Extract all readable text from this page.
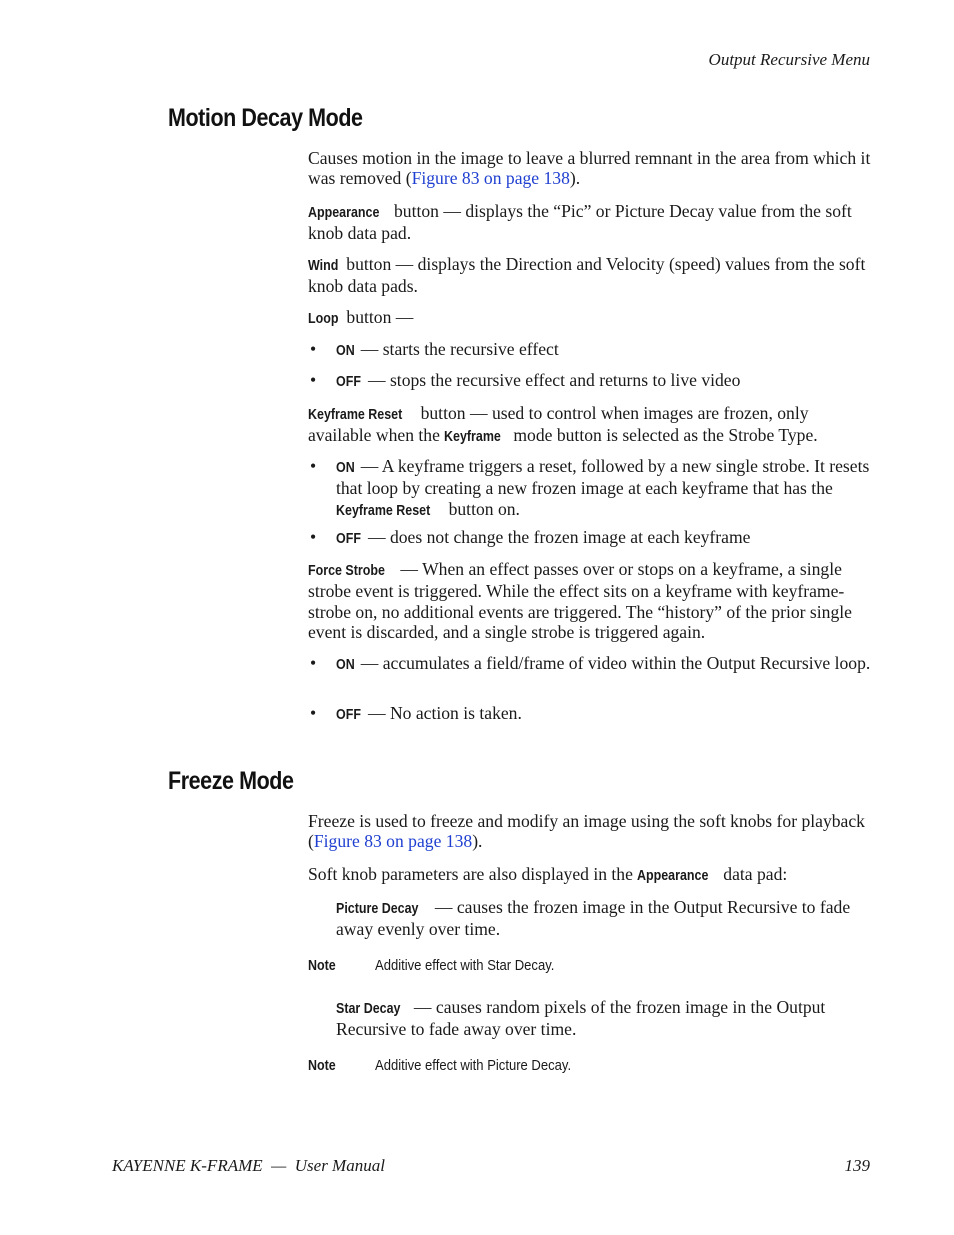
Output Recursive Menu
Motion Decay Mode

Causes motion in the image to leave a blurred remnant in the area from which it was removed (Figure 83 on page 138).

Appearance button — displays the “Pic” or Picture Decay value from the soft knob data pad.

Wind button — displays the Direction and Velocity (speed) values from the soft knob data pads.

Loop button —

• ON — starts the recursive effect

• OFF — stops the recursive effect and returns to live video

Keyframe Reset button — used to control when images are frozen, only available when the Keyframe mode button is selected as the Strobe Type.

• ON — A keyframe triggers a reset, followed by a new single strobe. It resets that loop by creating a new frozen image at each keyframe that has the Keyframe Reset button on.

• OFF — does not change the frozen image at each keyframe

Force Strobe — When an effect passes over or stops on a keyframe, a single strobe event is triggered. While the effect sits on a keyframe with keyframe-strobe on, no additional events are triggered. The “history” of the prior single event is discarded, and a single strobe is triggered again.

• ON — accumulates a field/frame of video within the Output Recursive loop.

• OFF — No action is taken.

Freeze Mode

Freeze is used to freeze and modify an image using the soft knobs for playback (Figure 83 on page 138).

Soft knob parameters are also displayed in the Appearance data pad:

Picture Decay — causes the frozen image in the Output Recursive to fade away evenly over time.

Note	Additive effect with Star Decay.

Star Decay — causes random pixels of the frozen image in the Output Recursive to fade away over time.

Note	Additive effect with Picture Decay.
KAYENNE K-FRAME  —  User Manual	139
